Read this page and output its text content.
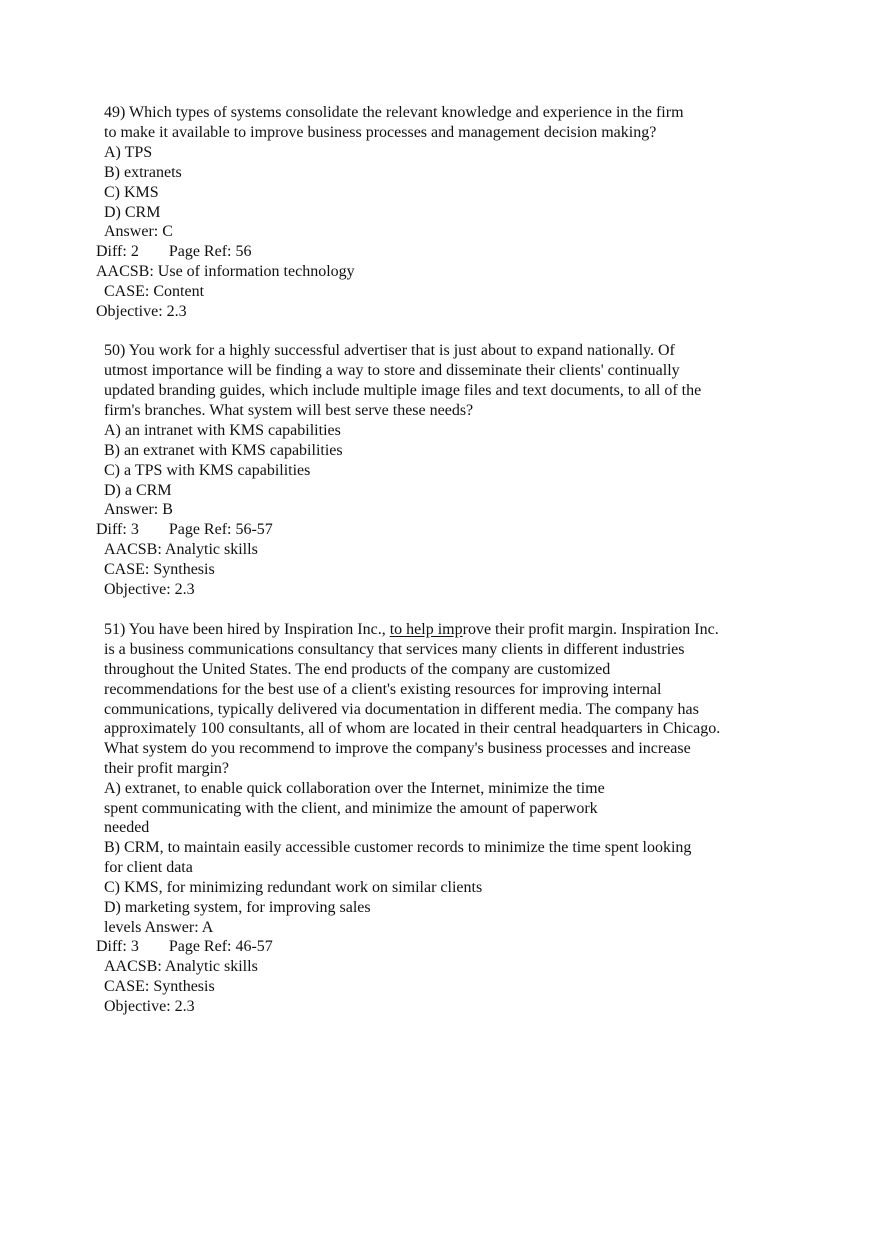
49) Which types of systems consolidate the relevant knowledge and experience in the firm

to make it available to improve business processes and management decision making?

A) TPS

B) extranets

C) KMS

D) CRM

Answer: C

Diff: 2 Page Ref: 56

AACSB: Use of information technology

CASE: Content

Objective: 2.3

50) You work for a highly successful advertiser that is just about to expand nationally. Of

utmost importance will be finding a way to store and disseminate their clients' continually

updated branding guides, which include multiple image files and text documents, to all of the

firm's branches. What system will best serve these needs?

A) an intranet with KMS capabilities

B) an extranet with KMS capabilities

C) a TPS with KMS capabilities

D) a CRM

Answer: B

Diff: 3 Page Ref: 56-57

AACSB: Analytic skills

CASE: Synthesis

Objective: 2.3

51) You have been hired by Inspiration Inc., to help improve their profit margin. Inspiration Inc.

is a business communications consultancy that services many clients in different industries

throughout the United States. The end products of the company are customized

recommendations for the best use of a client's existing resources for improving internal

communications, typically delivered via documentation in different media. The company has

approximately 100 consultants, all of whom are located in their central headquarters in Chicago.

What system do you recommend to improve the company's business processes and increase

their profit margin?

A) extranet, to enable quick collaboration over the Internet, minimize the time

spent communicating with the client, and minimize the amount of paperwork

needed

B) CRM, to maintain easily accessible customer records to minimize the time spent looking

for client data

C) KMS, for minimizing redundant work on similar clients

D) marketing system, for improving sales

levels Answer: A

Diff: 3 Page Ref: 46-57

AACSB: Analytic skills

CASE: Synthesis

Objective: 2.3
